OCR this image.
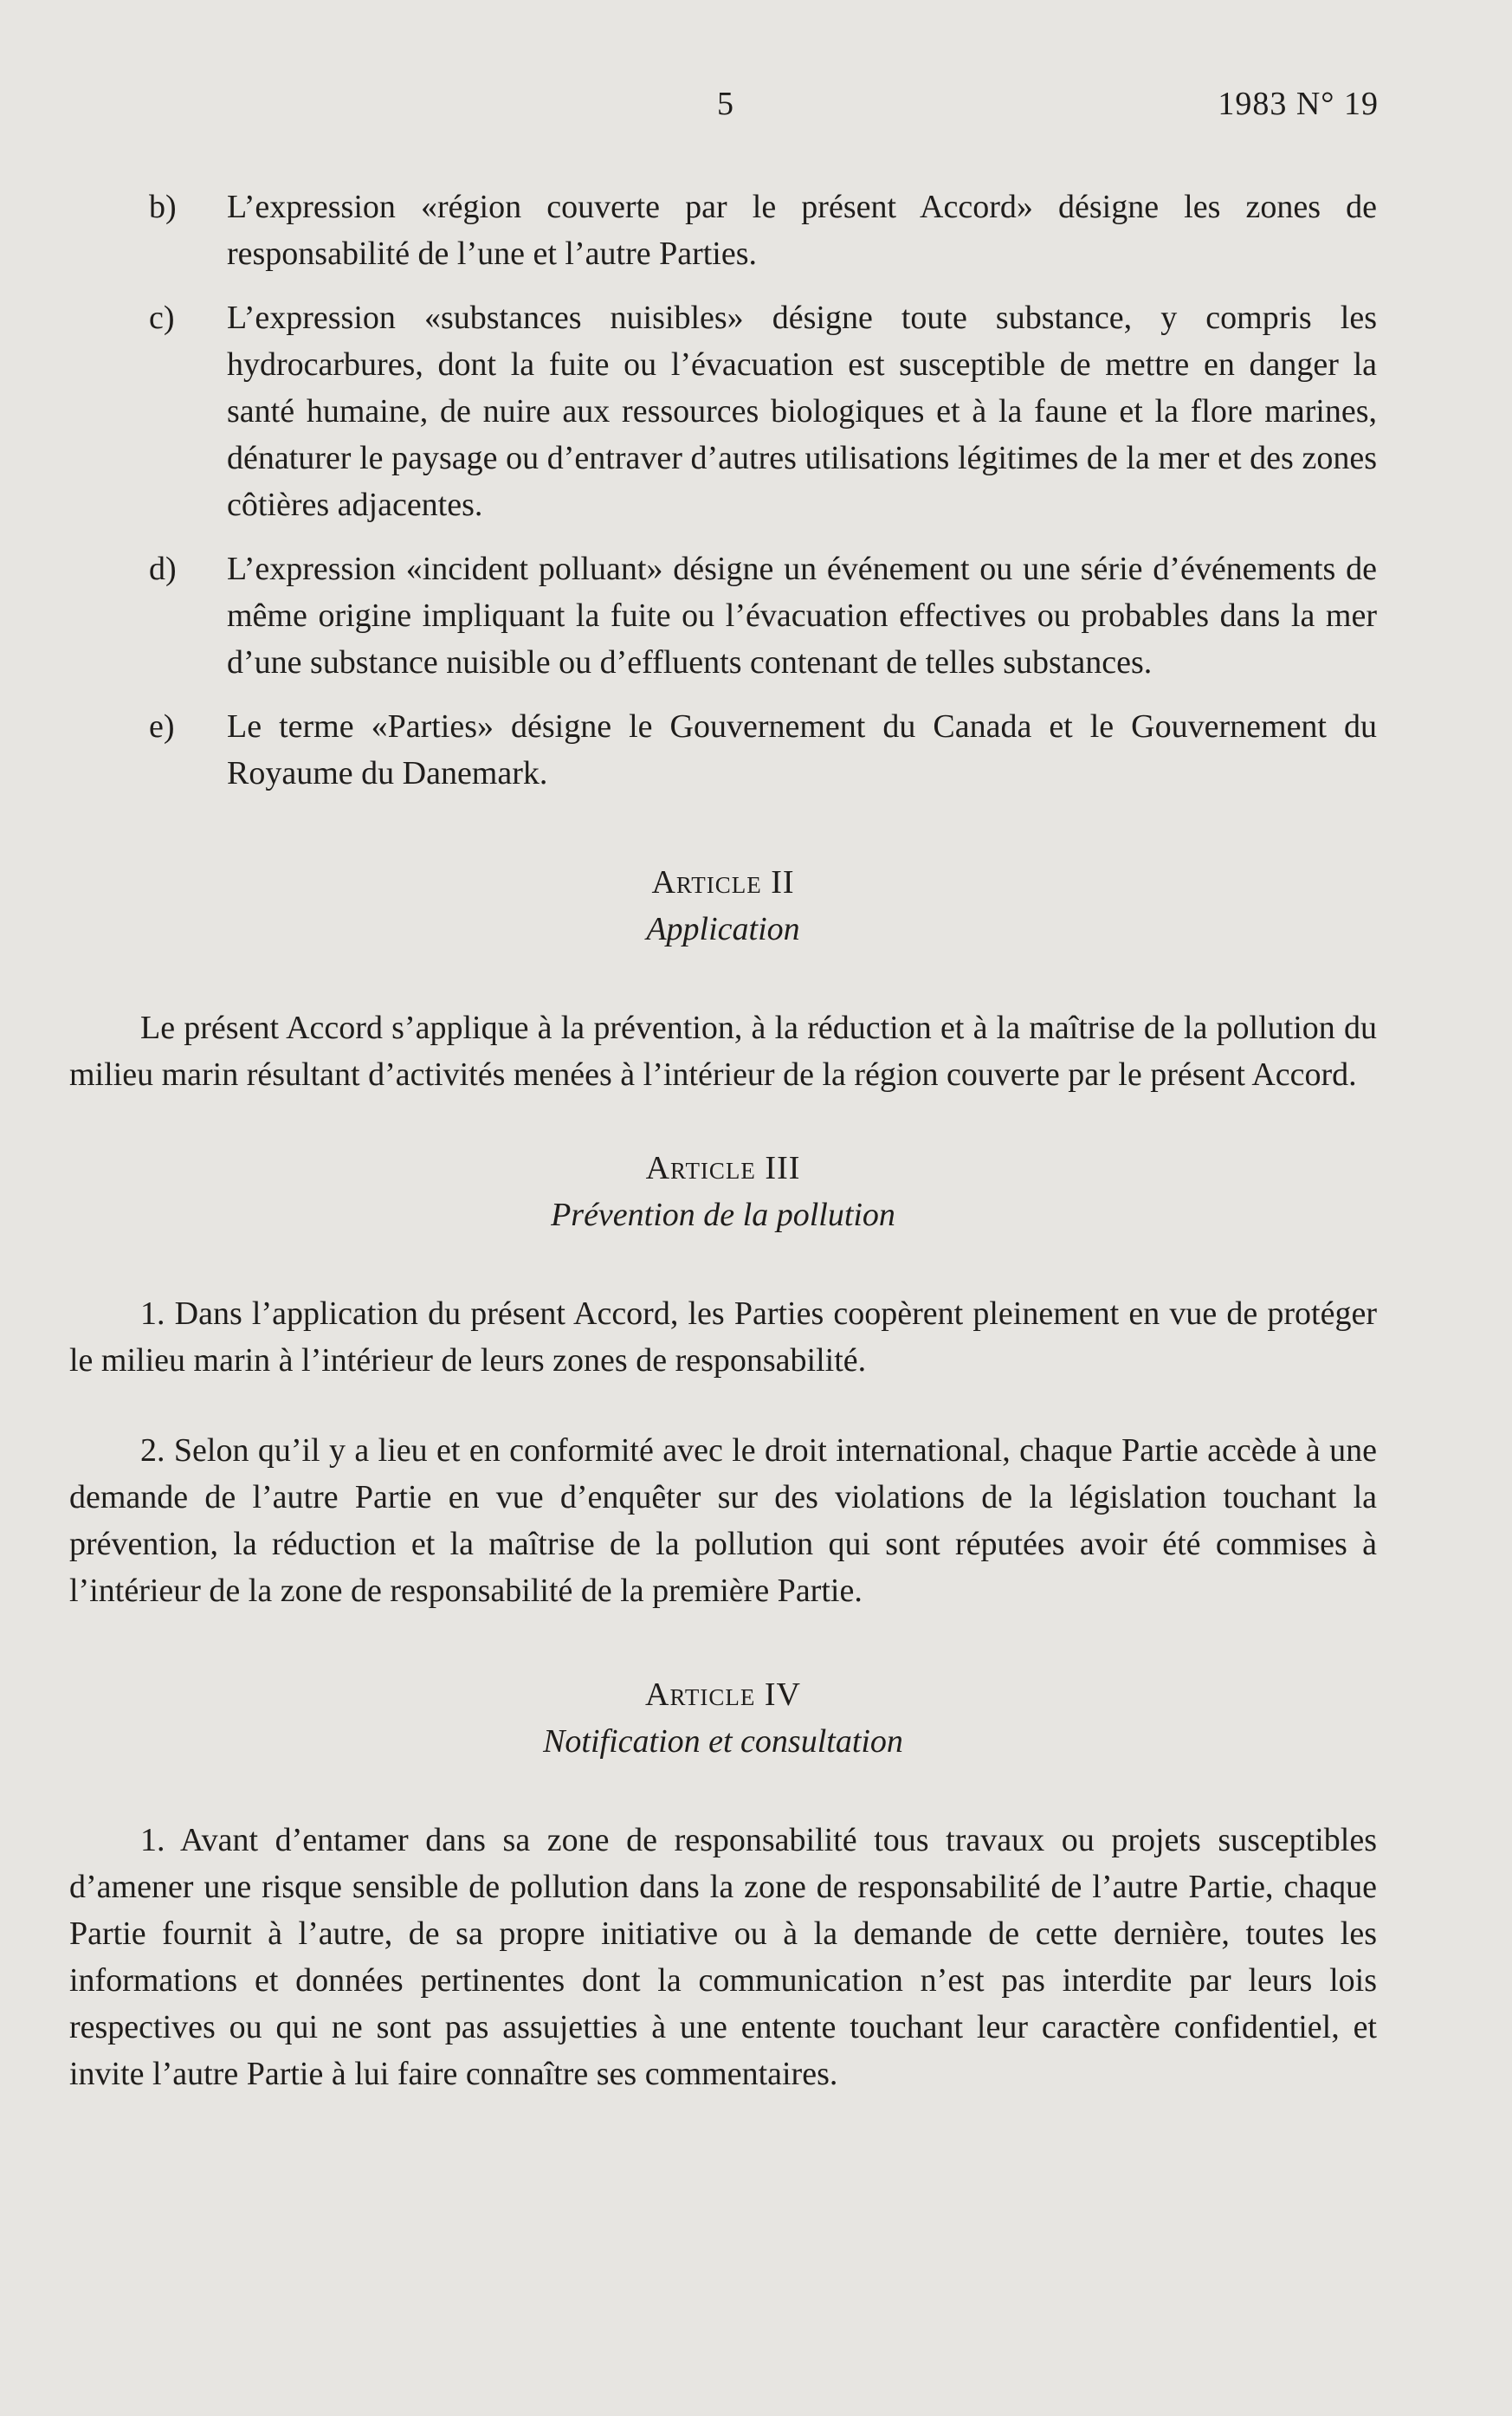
5	1983 N° 19
b)	L’expression «région couverte par le présent Accord» désigne les zones de responsabilité de l’une et l’autre Parties.
c)	L’expression «substances nuisibles» désigne toute substance, y compris les hydrocarbures, dont la fuite ou l’évacuation est susceptible de mettre en danger la santé humaine, de nuire aux ressources biologiques et à la faune et la flore marines, dénaturer le paysage ou d’entraver d’autres utilisations légitimes de la mer et des zones côtières adjacentes.
d)	L’expression «incident polluant» désigne un événement ou une série d’événements de même origine impliquant la fuite ou l’évacuation effectives ou probables dans la mer d’une substance nuisible ou d’effluents contenant de telles substances.
e)	Le terme «Parties» désigne le Gouvernement du Canada et le Gouvernement du Royaume du Danemark.

Article II

Application

Le présent Accord s’applique à la prévention, à la réduction et à la maîtrise de la pollution du milieu marin résultant d’activités menées à l’intérieur de la région couverte par le présent Accord.

Article III

Prévention de la pollution

1. Dans l’application du présent Accord, les Parties coopèrent pleinement en vue de protéger le milieu marin à l’intérieur de leurs zones de responsabilité.

2. Selon qu’il y a lieu et en conformité avec le droit international, chaque Partie accède à une demande de l’autre Partie en vue d’enquêter sur des violations de la législation touchant la prévention, la réduction et la maîtrise de la pollution qui sont réputées avoir été commises à l’intérieur de la zone de responsabilité de la première Partie.

Article IV

Notification et consultation

1. Avant d’entamer dans sa zone de responsabilité tous travaux ou projets susceptibles d’amener une risque sensible de pollution dans la zone de responsabilité de l’autre Partie, chaque Partie fournit à l’autre, de sa propre initiative ou à la demande de cette dernière, toutes les informations et données pertinentes dont la communication n’est pas interdite par leurs lois respectives ou qui ne sont pas assujetties à une entente touchant leur caractère confidentiel, et invite l’autre Partie à lui faire connaître ses commentaires.
